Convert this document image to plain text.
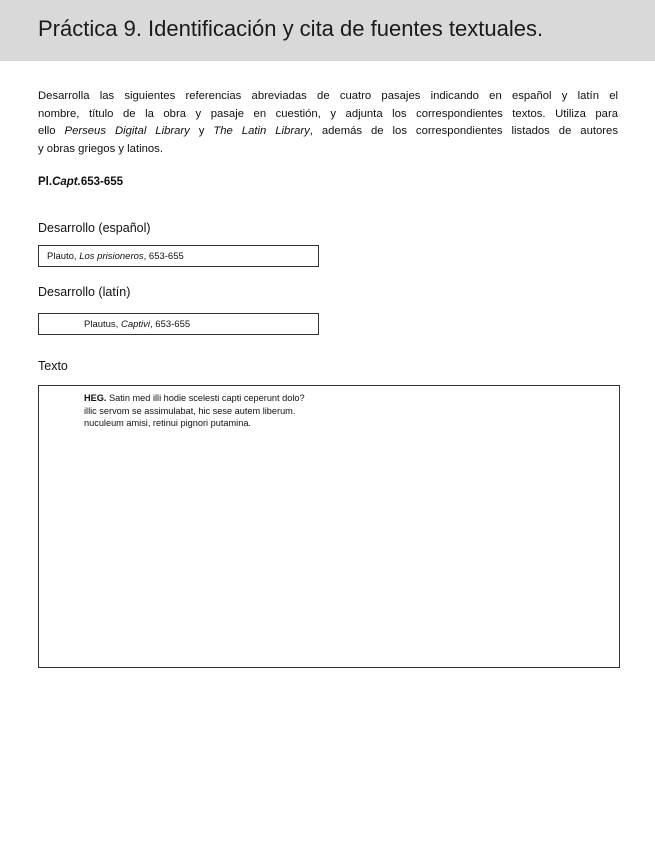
Práctica 9. Identificación y cita de fuentes textuales.

Desarrolla las siguientes referencias abreviadas de cuatro pasajes indicando en español y latín el
nombre, título de la obra y pasaje en cuestión, y adjunta los correspondientes textos. Utiliza para
ello Perseus Digital Library y The Latin Library, además de los correspondientes listados de autores
y obras griegos y latinos.

Pl.Capt.653-655

Desarrollo (español)

Plauto, Los prisioneros, 653-655

Desarrollo (latín)

Plautus, Captivi, 653-655

Texto

HEG. Satin med illi hodie scelesti capti ceperunt dolo?
illic servom se assimulabat, hic sese autem liberum.
nuculeum amisi, retinui pignori putamina.
